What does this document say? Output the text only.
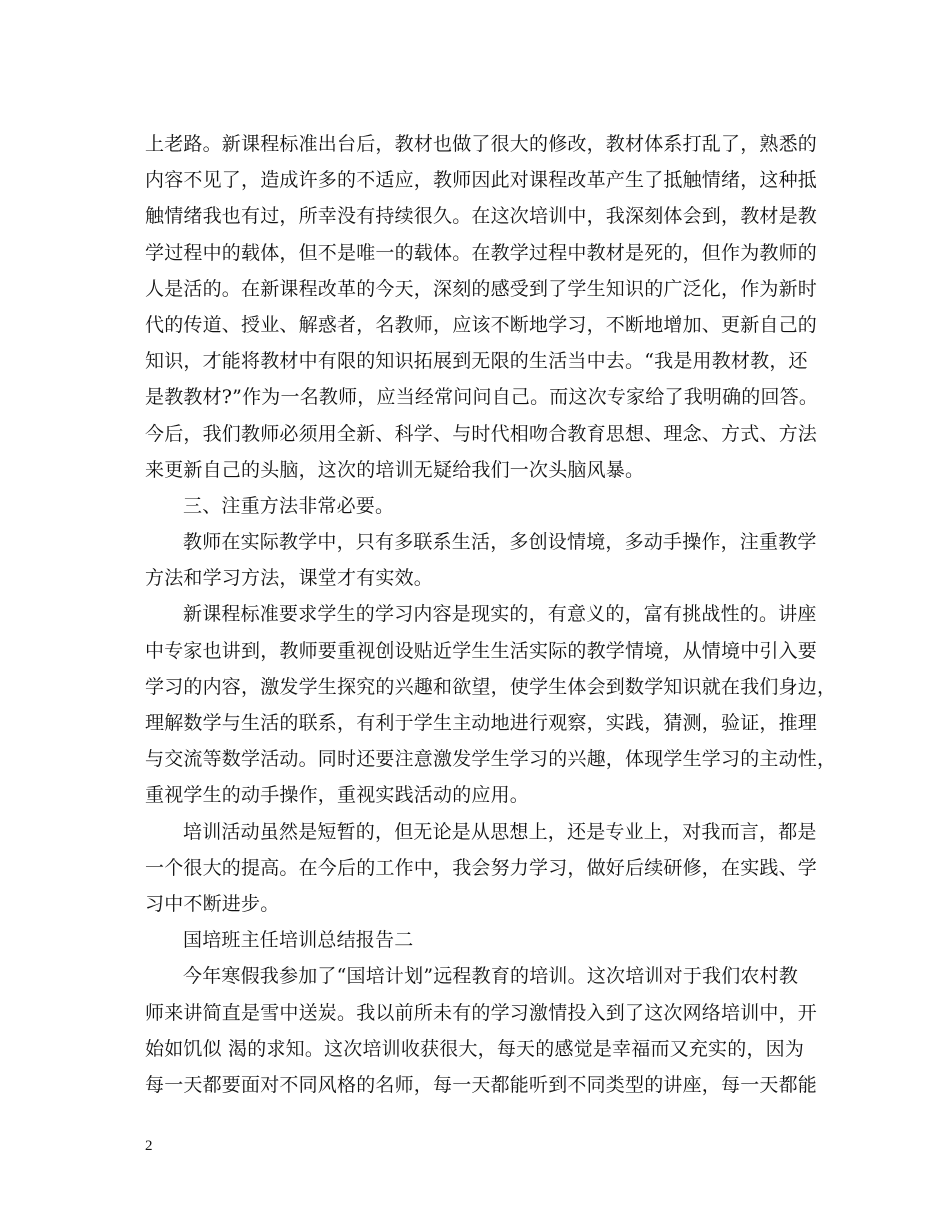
上老路。新课程标准出台后，教材也做了很大的修改，教材体系打乱了，熟悉的
内容不见了，造成许多的不适应，教师因此对课程改革产生了抵触情绪，这种抵
触情绪我也有过，所幸没有持续很久。在这次培训中，我深刻体会到，教材是教
学过程中的载体，但不是唯一的载体。在教学过程中教材是死的，但作为教师的
人是活的。在新课程改革的今天，深刻的感受到了学生知识的广泛化，作为新时
代的传道、授业、解惑者，名教师，应该不断地学习，不断地增加、更新自己的
知识，才能将教材中有限的知识拓展到无限的生活当中去。“我是用教材教，还
是教教材?”作为一名教师，应当经常问问自己。而这次专家给了我明确的回答。
今后，我们教师必须用全新、科学、与时代相吻合教育思想、理念、方式、方法
来更新自己的头脑，这次的培训无疑给我们一次头脑风暴。
三、注重方法非常必要。
教师在实际教学中，只有多联系生活，多创设情境，多动手操作，注重教学
方法和学习方法，课堂才有实效。
新课程标准要求学生的学习内容是现实的，有意义的，富有挑战性的。讲座
中专家也讲到，教师要重视创设贴近学生生活实际的教学情境，从情境中引入要
学习的内容，激发学生探究的兴趣和欲望，使学生体会到数学知识就在我们身边，
理解数学与生活的联系，有利于学生主动地进行观察，实践，猜测，验证，推理
与交流等数学活动。同时还要注意激发学生学习的兴趣，体现学生学习的主动性，
重视学生的动手操作，重视实践活动的应用。
培训活动虽然是短暂的，但无论是从思想上，还是专业上，对我而言，都是
一个很大的提高。在今后的工作中，我会努力学习，做好后续研修，在实践、学
习中不断进步。
国培班主任培训总结报告二
今年寒假我参加了“国培计划”远程教育的培训。这次培训对于我们农村教
师来讲简直是雪中送炭。我以前所未有的学习激情投入到了这次网络培训中，开
始如饥似 渴的求知。这次培训收获很大，每天的感觉是幸福而又充实的，因为
每一天都要面对不同风格的名师，每一天都能听到不同类型的讲座，每一天都能
2
